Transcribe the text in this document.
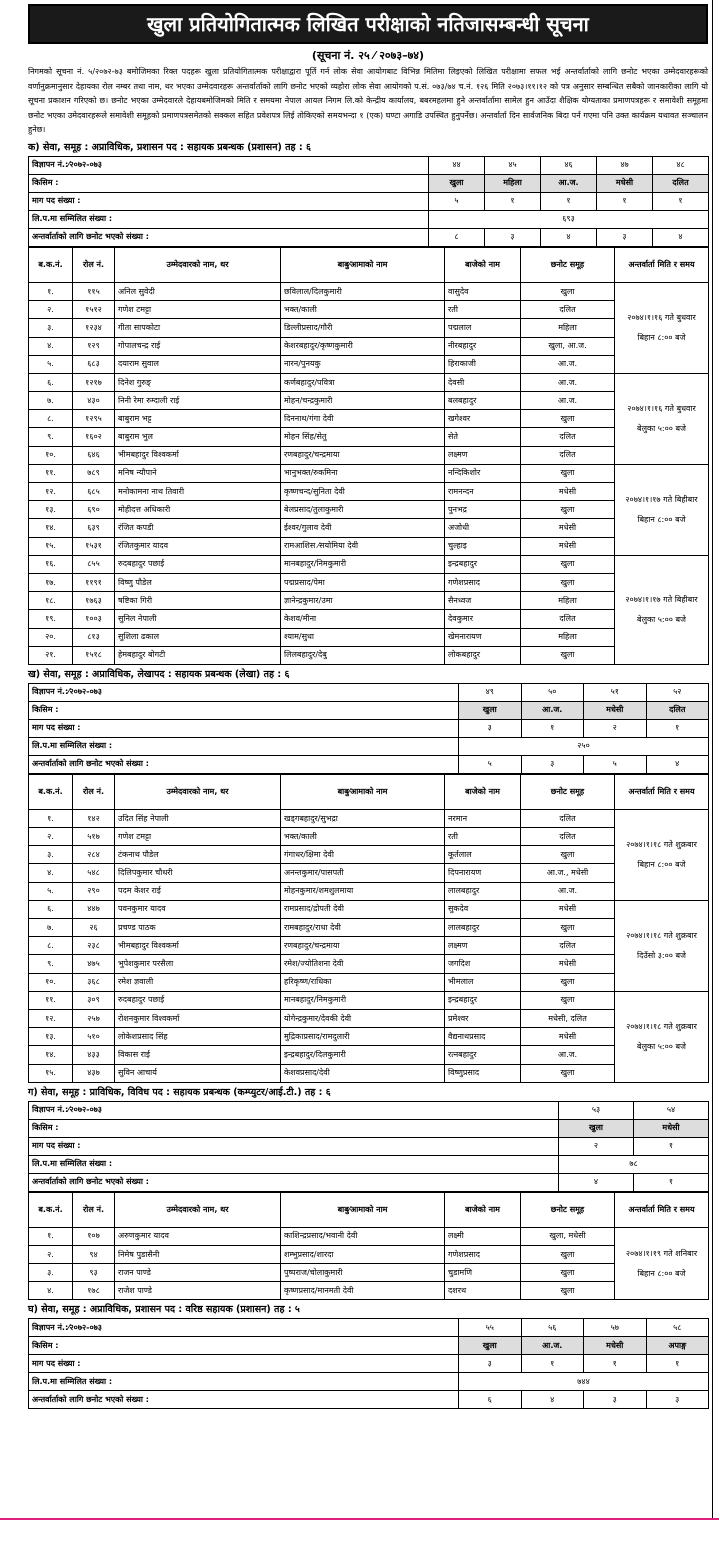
खुला प्रतियोगितात्मक लिखित परीक्षाको नतिजासम्बन्धी सूचना
(सूचना नं. २५ ⁄ २०७३–७४)
निगमको सूचना नं. ५/२०७२-७३ बमोजिमका रिक्त पदहरू खुला प्रतियोगितात्मक परीक्षाद्वारा पूर्ति गर्न लोक सेवा आयोगबाट विभिन्न मितिमा लिइएको लिखित परीक्षामा सफल भई अन्तर्वार्ताको लागि छनोट भएका उम्मेदवारहरूको वर्णानुक्रमानुसार देहायका रोल नम्बर तथा नाम, थर भएका उम्मेदवारहरू अन्तर्वार्ताको लागि छनोट भएको व्यहोरा लोक सेवा आयोगको प.सं. ०७३/७४ च.नं. १२६ मिति २०७३।११।१२ को पत्र अनुसार सम्बन्धित सबैको जानकारीका लागि यो सूचना प्रकाशन गरिएको छ। छनोट भएका उम्मेदवारले देहायबमोजिमको मिति र समयमा नेपाल आयल निगम लि.को केन्द्रीय कार्यालय, बबरमहलमा हुने अन्तर्वार्तामा सामेल हुन आउँदा शैक्षिक योग्यताका प्रमाणपत्रहरू र समावेशी समूहमा छनोट भएका उमेदवारहरूले समावेशी समूहको प्रमाणपत्रसमेतको सक्कल सहित प्रवेशपत्र लिई तोकिएको समयभन्दा १ (एक) घण्टा अगाडि उपस्थित हुनुपर्नेछ। अन्तर्वार्ता दिन सार्वजनिक बिदा पर्न गएमा पनि उक्त कार्यक्रम यथावत सञ्चालन हुनेछ।
क) सेवा, समूह : अप्राविधिक, प्रशासन पद : सहायक प्रबन्धक (प्रशासन) तह : ६
विज्ञापन नं.:⁄२०७२-०७३	४४	४५	४६	४७	४८
किसिम :	खुला	महिला	आ.ज.	मधेसी	दलित
माग पद संख्या :	५	१	१	१	१
लि.प.मा सम्मिलित संख्या :	६९३				
अन्तर्वार्ताको लागि छनोट भएको संख्या :	८	३	४	३	४
ब.क.नं.	रोल नं.	उम्मेदवारको नाम, थर	बाबु⁄आमाको नाम	बाजेको नाम	छनोट समूह	अन्तर्वार्ता मिति र समय
१.	११५	अनिल सुवेदी	छविलाल/दिलकुमारी	वासुदेव	खुला	२०७४।१।१६ गते बुधवार बिहान ८:०० बजे
२.	१५१२	गणेश टमट्टा	भक्त/काली	रती	दलित	
३.	१२३४	गीता सापकोटा	डिल्लीप्रसाद/गौरी	पद्मलाल	महिला	
४.	१२९	गोपालचन्द्र राई	केशरबहादुर/कृष्णकुमारी	नीरबहादुर	खुला, आ.ज.	
५.	६८३	दयाराम सुवाल	नारन/पुनयकु	हिराकाजी	आ.ज.	
६.	१२१७	दिनेश गुरुङ्	कर्णबहादुर/पवित्रा	देवसी	आ.ज.	२०७४।१।१६ गते बुधवार बेलुका ५:०० बजे
७.	४३०	निनी रेमा रुम्दाली राई	मोहन/चन्द्रकुमारी	बलबहादुर	आ.ज.	
८.	१२९५	बाबुराम भट्ट	दिननाथ/गंगा देवी	खगेश्वर	खुला	
९.	१६०२	बाबुराम भुल	मोहन सिंह/सेतु	सेते	दलित	
१०.	६४६	भीमबहादुर विश्वकर्मा	रणबहादुर/चन्द्रमाया	लक्ष्मण	दलित	
११.	७८९	मनिष न्यौपाने	भानुभक्त/रुकमिना	नन्दिकिशोर	खुला	२०७४।१।१७ गते बिहीबार बिहान ८:०० बजे
१२.	६८५	मनोकामना नाथ तिवारी	कृष्णचन्द/सुनिता देवी	रामनन्दन	मधेसी	
१३.	६९०	मोहीदत्त अधिकारी	बेलप्रसाद/तुलाकुमारी	पुनभद्र	खुला	
१४.	६३९	रंजित कपडी	ईश्वर/गुलाव देवी	अजोधी	मधेसी	
१५.	१५३१	रंजितकुमार यादव	रामआशिस ⁄सयोमिया देवी	चुल्हाइ	मधेसी	
१६.	८५५	रुदबहादुर पछाई	मानबहादुर/निमकुमारी	इन्द्रबहादुर	खुला	२०७४।१।१७ गते बिहीबार बेलुका ५:०० बजे
१७.	११९१	विष्णु पौडेल	पद्मप्रसाद/पेमा	गणेशप्रसाद	खुला	
१८.	१७६३	षष्टिका गिरी	ज्ञानेन्द्रकुमार/उमा	सैनध्वज	महिला	
१९.	१००३	सुनिल नेपाली	केशव/मीना	देवकुमार	दलित	
२०.	८१३	सुशिला ढकाल	श्याम/सुधा	खेमनारायण	महिला	
२१.	१५१८	हेमबहादुर बोगटी	लिलबहादुर/देबु	लोकबहादुर	खुला	
ख) सेवा, समूह : अप्राविधिक, लेखापद : सहायक प्रबन्धक (लेखा) तह : ६
विज्ञापन नं.:⁄२०७२-०७३	४९	५०	५१	५२
किसिम :	खुला	आ.ज.	मधेसी	दलित
माग पद संख्या :	३	१	२	१
लि.प.मा सम्मिलित संख्या :	२५०			
अन्तर्वार्ताको लागि छनोट भएको संख्या :	५	३	५	४
ब.क.नं.	रोल नं.	उम्मेदवारको नाम, थर	बाबु⁄आमाको नाम	बाजेको नाम	छनोट समूह	अन्तर्वार्ता मिति र समय
१.	१४२	उदित सिंह नेपाली	खड्गबहादुर/सुभद्रा	नरमान	दलित	२०७४।१।१८ गते शुक्रबार बिहान ८:०० बजे
२.	५१७	गणेश टमट्टा	भक्त/काली	रती	दलित	
३.	२८४	टंकनाथ पौडेल	गंगाधर/क्षिमा देवी	कूर्तलाल	खुला	
४.	५४८	दिलिपकुमार चौधरी	अनन्तकुमार/पासपती	दिपनारायण	आ.ज., मधेसी	
५.	२९०	पदम केशर राई	मोहनकुमार/शमशुलमाया	लालबहादुर	आ.ज.	
६.	४४७	पवनकुमार यादव	रामप्रसाद/द्रोपती देवी	सुकदेव	मधेसी	२०७४।१।१८ गते शुक्रबार दिउँसो ३:०० बजे
७.	२६	प्रचण्ड पाठक	रामबहादुर/राधा देवी	लालबहादुर	खुला	
८.	२३८	भीमबहादुर विश्वकर्मा	रणबहादुर/चन्द्रमाया	लक्ष्मण	दलित	
९.	४७५	भुपेशकुमार परसैला	रमेश/ज्योतिशना देवी	जगदिश	मधेसी	
१०.	३६८	रमेश ज्ञवाली	हरिकृष्ण/राधिका	भीमलाल	खुला	
११.	३०९	रुदबहादुर पछाई	मानबहादुर/निमकुमारी	इन्द्रबहादुर	खुला	२०७४।१।१८ गते शुक्रबार बेलुका ५:०० बजे
१२.	२५७	रोशनकुमार विश्वकर्मा	योगेन्द्रकुमार/देवकी देवी	प्रमेश्वर	मधेसी, दलित	
१३.	५१०	लोकेशप्रसाद सिंह	मुद्रिकाप्रसाद/रामदुलारी	वैद्यनाथप्रसाद	मधेसी	
१४.	४३३	विकास राई	इन्द्रबहादुर/दिलकुमारी	रत्नबहादुर	आ.ज.	
१५.	४३७	सुविन आचार्य	केशवप्रसाद/देवी	विष्णुप्रसाद	खुला	
ग) सेवा, समूह : प्राविधिक, विविध पद : सहायक प्रबन्धक (कम्प्युटर/आई.टी.) तह : ६
विज्ञापन नं.:⁄२०७२-०७३	५३	५४
किसिम :	खुला	मधेसी
माग पद संख्या :	२	१
लि.प.मा सम्मिलित संख्या :	७८	
अन्तर्वार्ताको लागि छनोट भएको संख्या :	४	१
ब.क.नं.	रोल नं.	उम्मेदवारको नाम, थर	बाबु⁄आमाको नाम	बाजेको नाम	छनोट समूह	अन्तर्वार्ता मिति र समय
१.	१०७	अरुणकुमार यादव	काशिन्द्रप्रसाद/भवानी देवी	लक्ष्मी	खुला, मधेसी	२०७४।१।१९ गते शनिबार बिहान ८:०० बजे
२.	९४	निमेष पुडासैनी	शम्भुप्रसाद/शारदा	गणेशप्रसाद	खुला	
३.	९३	राजन पाण्डे	पुष्पराज/चोलाकुमारी	चुडामणि	खुला	
४.	१७८	राजेश पाण्डे	कृष्णप्रसाद/मानमती देवी	दशरथ	खुला	
घ) सेवा, समूह : अप्राविधिक, प्रशासन पद : वरिष्ठ सहायक (प्रशासन) तह : ५
विज्ञापन नं.:⁄२०७२-०७३	५५	५६	५७	५८
किसिम :	खुला	आ.ज.	मधेसी	अपाङ्ग
माग पद संख्या :	३	१	१	१
लि.प.मा सम्मिलित संख्या :	७४४			
अन्तर्वार्ताको लागि छनोट भएको संख्या :	६	४	३	३
